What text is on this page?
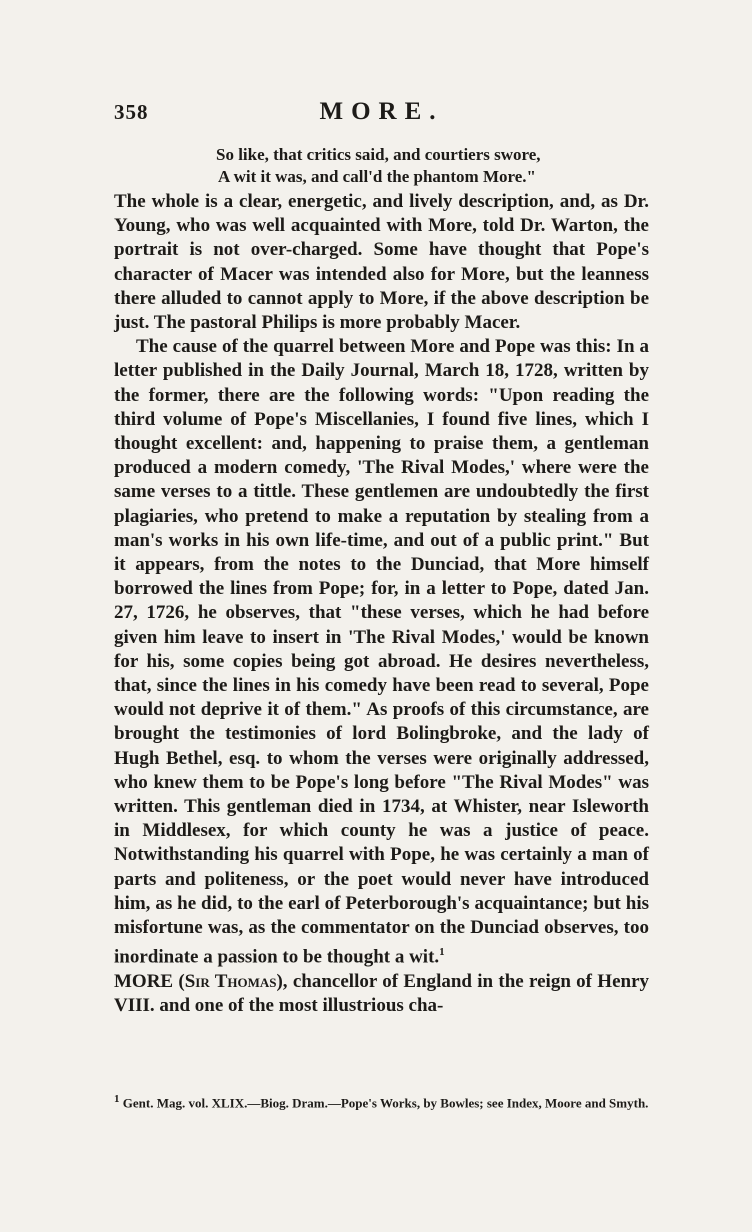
358	MORE.
So like, that critics said, and courtiers swore,
A wit it was, and call'd the phantom More."

The whole is a clear, energetic, and lively description, and, as Dr. Young, who was well acquainted with More, told Dr. Warton, the portrait is not over-charged. Some have thought that Pope's character of Macer was intended also for More, but the leanness there alluded to cannot apply to More, if the above description be just. The pastoral Philips is more probably Macer.

The cause of the quarrel between More and Pope was this: In a letter published in the Daily Journal, March 18, 1728, written by the former, there are the following words: "Upon reading the third volume of Pope's Miscellanies, I found five lines, which I thought excellent: and, happening to praise them, a gentleman produced a modern comedy, 'The Rival Modes,' where were the same verses to a tittle. These gentlemen are undoubtedly the first plagiaries, who pretend to make a reputation by stealing from a man's works in his own life-time, and out of a public print." But it appears, from the notes to the Dunciad, that More himself borrowed the lines from Pope; for, in a letter to Pope, dated Jan. 27, 1726, he observes, that "these verses, which he had before given him leave to insert in 'The Rival Modes,' would be known for his, some copies being got abroad. He desires nevertheless, that, since the lines in his comedy have been read to several, Pope would not deprive it of them." As proofs of this circumstance, are brought the testimonies of lord Bolingbroke, and the lady of Hugh Bethel, esq. to whom the verses were originally addressed, who knew them to be Pope's long before "The Rival Modes" was written. This gentleman died in 1734, at Whister, near Isleworth in Middlesex, for which county he was a justice of peace. Notwithstanding his quarrel with Pope, he was certainly a man of parts and politeness, or the poet would never have introduced him, as he did, to the earl of Peterborough's acquaintance; but his misfortune was, as the commentator on the Dunciad observes, too inordinate a passion to be thought a wit.$^1$

MORE (Sir Thomas), chancellor of England in the reign of Henry VIII. and one of the most illustrious cha-

$^1$ Gent. Mag. vol. XLIX.—Biog. Dram.—Pope's Works, by Bowles; see Index, Moore and Smyth.
